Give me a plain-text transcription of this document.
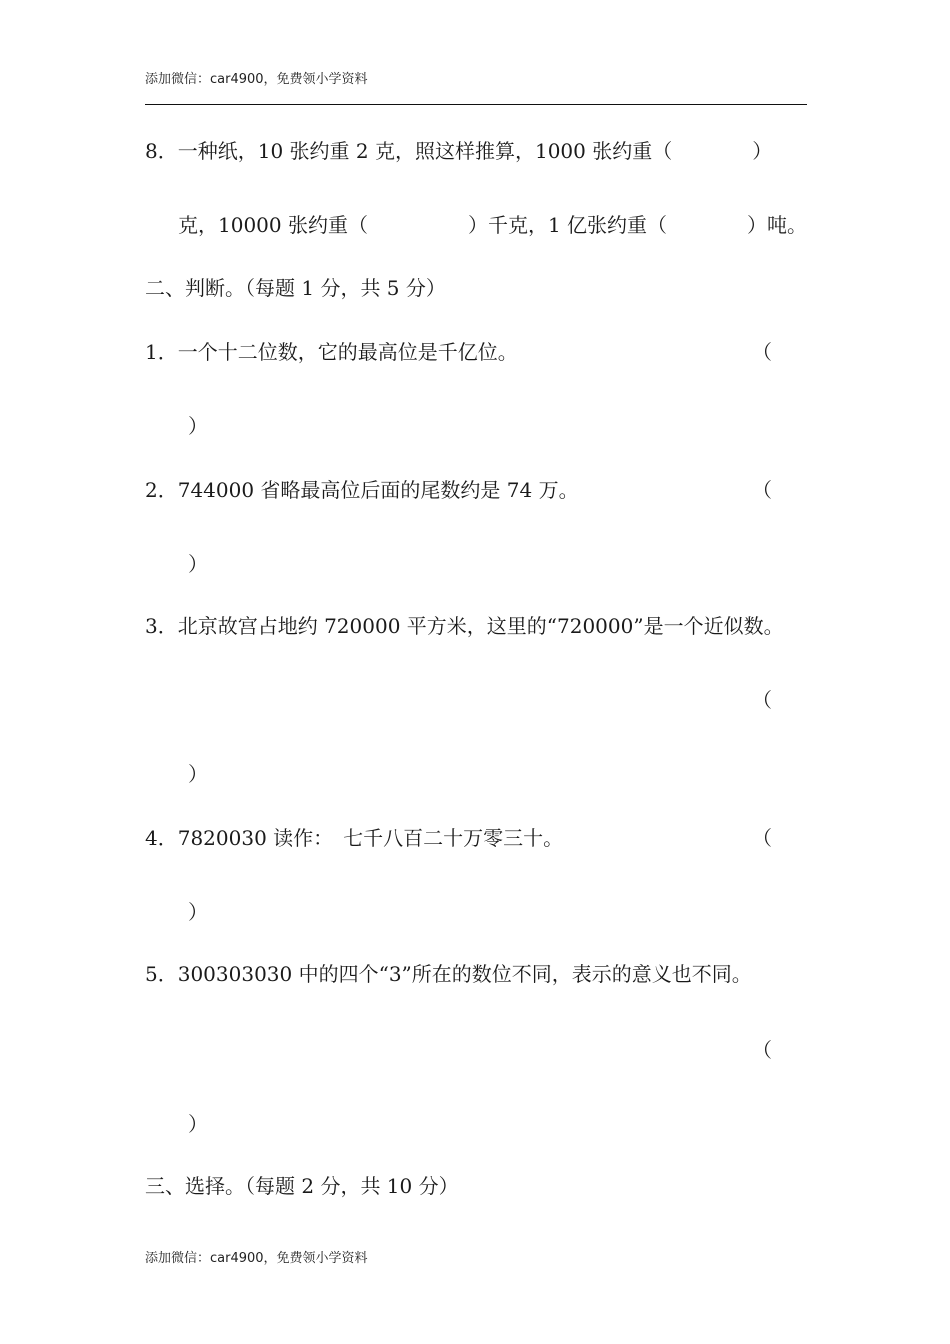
添加微信：car4900，免费领小学资料
8．一种纸，10 张约重 2 克，照这样推算，1000 张约重（　　　　）
克，10000 张约重（　　　　　）千克，1 亿张约重（　　　　）吨。
二、判断。（每题 1 分，共 5 分）
1．一个十二位数，它的最高位是千亿位。	（
）
2．744000 省略最高位后面的尾数约是 74 万。	（
）
3．北京故宫占地约 720000 平方米，这里的“720000”是一个近似数。
（
）
4．7820030 读作：　七千八百二十万零三十。	（
）
5．300303030 中的四个“3”所在的数位不同，表示的意义也不同。
（
）
三、选择。（每题 2 分，共 10 分）
添加微信：car4900，免费领小学资料
